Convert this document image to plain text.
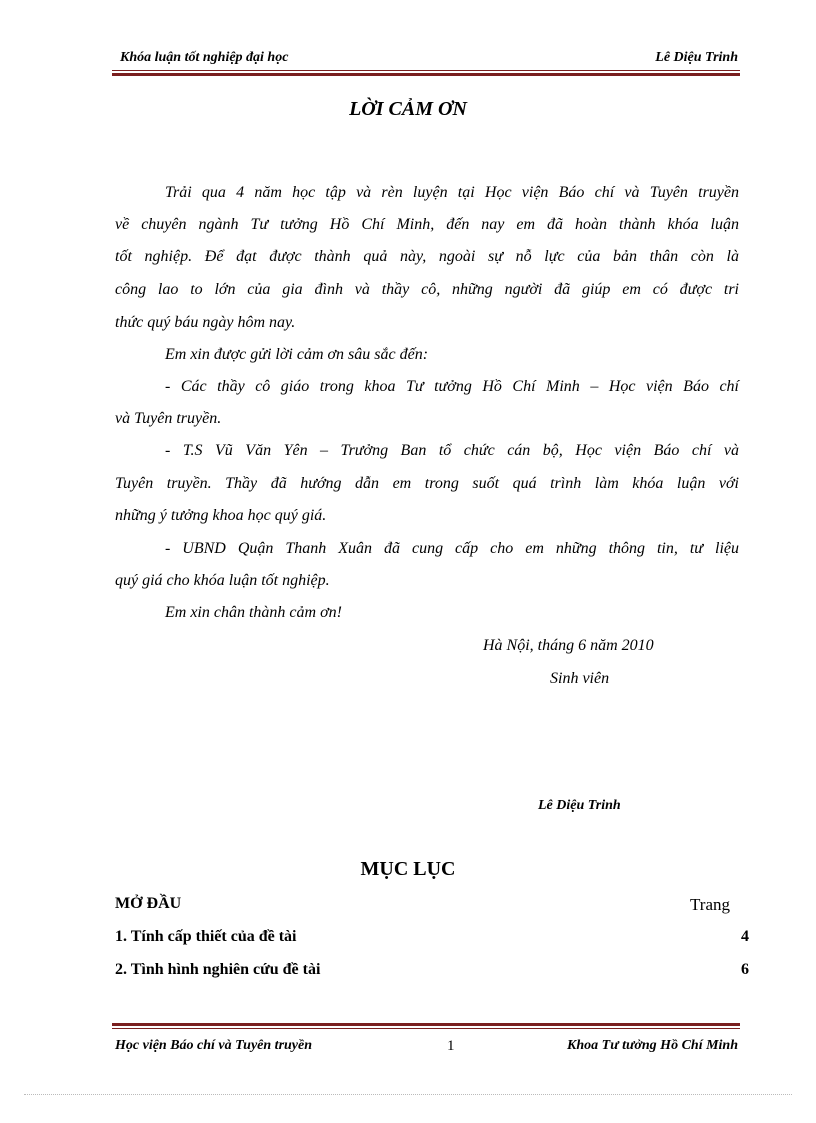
Khóa luận tốt nghiệp đại học	Lê Diệu Trinh
LỜI CẢM ƠN
Trải qua 4 năm học tập và rèn luyện tại Học viện Báo chí và Tuyên truyền
về chuyên ngành Tư tưởng Hồ Chí Minh, đến nay em đã hoàn thành khóa luận
tốt nghiệp. Để đạt được thành quả này, ngoài sự nỗ lực của bản thân còn là
công lao to lớn của gia đình và thầy cô, những người đã giúp em có được tri
thức quý báu ngày hôm nay.
Em xin được gửi lời cảm ơn sâu sắc đến:
- Các thầy cô giáo trong khoa Tư tưởng Hồ Chí Minh – Học viện Báo chí
và Tuyên truyền.
- T.S Vũ Văn Yên – Trưởng Ban tổ chức cán bộ, Học viện Báo chí và
Tuyên truyền. Thầy đã hướng dẫn em trong suốt quá trình làm khóa luận với
những ý tưởng khoa học quý giá.
- UBND Quận Thanh Xuân đã cung cấp cho em những thông tin, tư liệu
quý giá cho khóa luận tốt nghiệp.
Em xin chân thành cảm ơn!
Hà Nội, tháng 6 năm 2010
Sinh viên
Lê Diệu Trinh
MỤC LỤC
MỞ ĐẦU	Trang
1. Tính cấp thiết của đề tài	4
2. Tình hình nghiên cứu đề tài	6
Học viện Báo chí và Tuyên truyền	1	Khoa Tư tưởng Hồ Chí Minh
